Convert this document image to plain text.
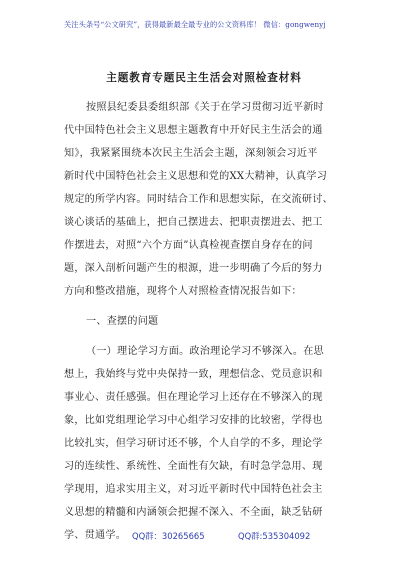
关注头条号“公文研究”，获得最新最全最专业的公文资料库！ 微信：gongwenyj
主题教育专题民主生活会对照检查材料
按照县纪委县委组织部《关于在学习贯彻习近平新时
代中国特色社会主义思想主题教育中开好民主生活会的通
知》，我紧紧围绕本次民主生活会主题，深刻领会习近平
新时代中国特色社会主义思想和党的XX大精神，认真学习
规定的所学内容。同时结合工作和思想实际，在交流研讨、
谈心谈话的基础上，把自己摆进去、把职责摆进去、把工
作摆进去，对照“六个方面”认真检视查摆自身存在的问
题，深入剖析问题产生的根源，进一步明确了今后的努力
方向和整改措施，现将个人对照检查情况报告如下：
一、查摆的问题
（一）理论学习方面。政治理论学习不够深入。在思
想上，我始终与党中央保持一致，理想信念、党员意识和
事业心、责任感强。但在理论学习上还存在不够深入的现
象，比如党组理论学习中心组学习安排的比较密，学得也
比较扎实，但学习研讨还不够，个人自学的不多，理论学
习的连续性、系统性、全面性有欠缺，有时急学急用、现
学现用，追求实用主义，对习近平新时代中国特色社会主
义思想的精髓和内涵领会把握不深入、不全面，缺乏钻研
学、贯通学。 QQ群：30265665	QQ群:535304092
